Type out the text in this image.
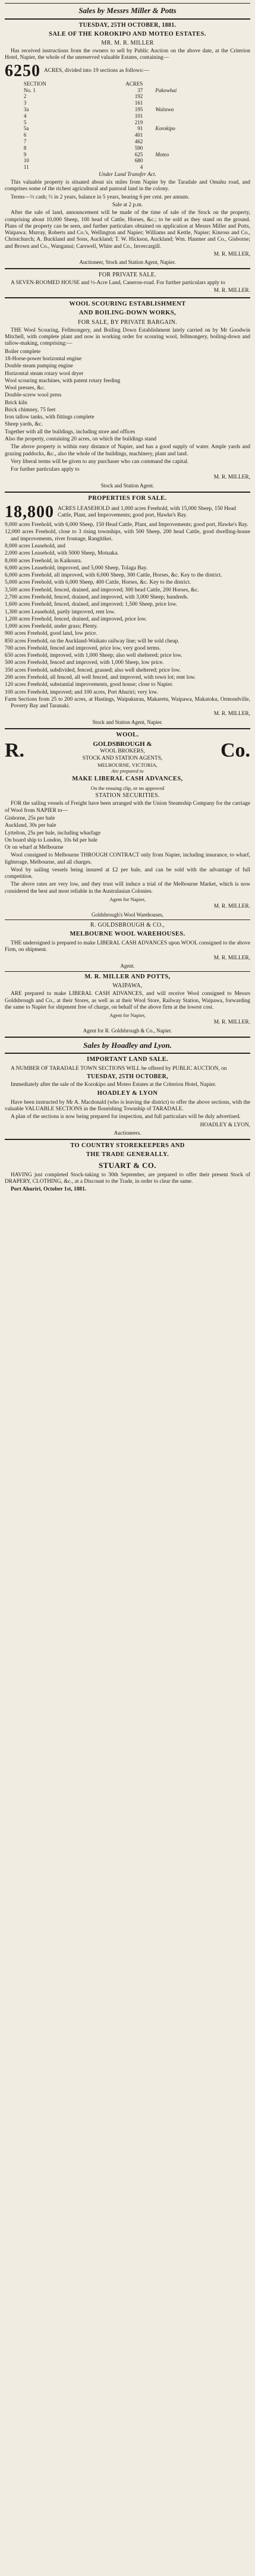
Sales by Messrs Miller & Potts
TUESDAY, 25TH OCTOBER, 1881.
SALE OF THE KOROKIPO AND MOTEO ESTATES.
MR. M. R. MILLER
Has received instructions from the owners to sell by Public Auction on the above date, at the Criterion Hotel, Napier, the whole of the unreserved valuable Estates, containing—
6250 ACRES, divided into 19 sections as follows:—
SECTION	ACRES	
No. 1	37	Pakowhai
2	192	
3	161	
3a	195	Waitawa
4	101	
5	219	
5a	91	Korokipo
6	401	
7	462	
8	590	
9	625	Moteo
10	680	
11	4	
Under Land Transfer Act.
This valuable property is situated about six miles from Napier by the Taradale and Omahu road, and comprises some of the richest agricultural and pastoral land in the colony.
Terms—⅓ cash; ⅓ in 2 years, balance in 5 years, bearing 6 per cent. per annum.
Sale at 2 p.m.
After the sale of land, announcement will be made of the time of sale of the Stock on the property, comprising about 10,000 Sheep, 100 head of Cattle, Horses, &c.; to be sold as they stand on the ground. Plans of the property can be seen, and further particulars obtained on application at Messrs Miller and Potts, Waipawa; Murray, Roberts and Co.'s, Wellington and Napier; Williams and Kettle, Napier; Kinross and Co., Christchurch; A. Buckland and Sons, Auckland; T. W. Hickson, Auckland; Wm. Hanmer and Co., Gisborne; and Brown and Co., Wanganui; Carswell, White and Co., Invercargill.
M. R. MILLER,
Auctioneer, Stock and Station Agent, Napier.
FOR PRIVATE SALE.
A SEVEN-ROOMED HOUSE and ½-Acre Land, Caneron-road. For further particulars apply to
M. R. MILLER.
WOOL SCOURING ESTABLISHMENT
AND BOILING-DOWN WORKS,
FOR SALE, BY PRIVATE BARGAIN.
THE Wool Scouring, Fellmongery, and Boiling Down Establishment lately carried on by Mr Goodwin Mitchell, with complete plant and now in working order for scouring wool, fellmongery, boiling-down and tallow-making, comprising:—
Boiler complete
18-Horse-power horizontal engine
Double steam pumping engine
Horizontal steam rotary wool dryer
Wool scouring machines, with patent rotary feeding
Wool presses, &c.
Double-screw wool press
Brick kiln
Brick chimney, 75 feet
Iron tallow tanks, with fittings complete
Sheep yards, &c.
Together with all the buildings, including store and offices
Also the property, containing 20 acres, on which the buildings stand
The above property is within easy distance of Napier, and has a good supply of water. Ample yards and grazing paddocks, &c., also the whole of the buildings, machinery, plant and land.
Very liberal terms will be given to any purchaser who can command the capital.
For further particulars apply to
M. R. MILLER,
Stock and Station Agent.
PROPERTIES FOR SALE.
18,800 ACRES LEASEHOLD and 1,000 acres Freehold, with 15,000 Sheep, 150 Head Cattle, Plant, and Improvements; good port, Hawke's Bay.
9,000 acres Freehold, with 6,000 Sheep, 150 Head Cattle, Plant, and Improvements; good port, Hawke's Bay.
12,000 acres Freehold, close to 3 rising townships, with 500 Sheep, 200 head Cattle, good dwelling-house and improvements, river frontage, Rangitikei.
8,000 acres Leasehold, and
2,000 acres Leasehold, with 5000 Sheep, Motuaka.
8,000 acres Freehold, in Kaikoura.
6,000 acres Leasehold, improved, and 5,000 Sheep, Tolaga Bay.
6,000 acres Freehold, all improved, with 6,000 Sheep, 300 Cattle, Horses, &c. Key to the district.
5,000 acres Freehold, with 6,000 Sheep, 400 Cattle, Horses, &c. Key to the district.
3,500 acres Freehold, fenced, drained, and improved; 300 head Cattle, 200 Horses, &c.
2,700 acres Freehold, fenced, drained, and improved, with 3,000 Sheep; hundreds.
1,600 acres Freehold, fenced, drained, and improved; 1,500 Sheep, price low.
1,300 acres Leasehold, partly improved, rent low.
1,200 acres Freehold, fenced, drained, and improved, price low.
1,000 acres Freehold, under grass; Plenty.
900 acres Freehold, good land, low price.
850 acres Freehold, on the Auckland-Waikato railway line; will be sold cheap.
700 acres Freehold, fenced and improved, price low, very good terms.
650 acres Freehold, improved, with 1,000 Sheep; also well sheltered; price low.
500 acres Freehold, fenced and improved, with 1,000 Sheep, low price.
350 acres Freehold, subdivided, fenced, grassed; also well sheltered; price low.
200 acres Freehold, all fenced, all well fenced, and improved, with town lot; rent low.
120 acres Freehold, substantial improvements, good house; close to Napier.
100 acres Freehold, improved; and 100 acres, Port Ahuriri; very low.
Farm Sections from 25 to 200 acres, at Hastings, Waipukurau, Makaretu, Waipawa, Makatoku, Ormondville, Poverty Bay and Taranaki.
M. R. MILLER,
Stock and Station Agent, Napier.
WOOL.
R.	Co.
GOLDSBROUGH &
WOOL BROKERS,
STOCK AND STATION AGENTS,
MELBOURNE, VICTORIA,
Are prepared to
MAKE LIBERAL CASH ADVANCES,
On the ensuing clip, or on approved
STATION SECURITIES.
FOR the sailing vessels of Freight have been arranged with the Union Steamship Company for the carriage of Wool from NAPIER to—
Gisborne, 25s per bale
Auckland, 30s per bale
Lyttelton, 25s per bale, including wharfage
On board ship to London, 10s 6d per bale
Or on wharf at Melbourne
Wool consigned to Melbourne THROUGH CONTRACT only from Napier, including insurance, to wharf, lighterage, Melbourne, and all charges.
Wool by sailing vessels being insured at £2 per bale, and can be sold with the advantage of full competition.
The above rates are very low, and they trust will induce a trial of the Melbourne Market, which is now considered the best and most reliable in the Australasian Colonies.
Agent for Napier,
M. R. MILLER.
Goldsbrough's Wool Warehouses,
R. GOLDSBROUGH & CO.,
MELBOURNE WOOL WAREHOUSES.
THE undersigned is prepared to make LIBERAL CASH ADVANCES upon WOOL consigned to the above Firm, on shipment.
M. R. MILLER,
Agent.
M. R. MILLER AND POTTS,
WAIPAWA,
ARE prepared to make LIBERAL CASH ADVANCES, and will receive Wool consigned to Messrs Goldsbrough and Co., at their Stores, as well as at their Wool Store, Railway Station, Waipawa, forwarding the same to Napier for shipment free of charge, on behalf of the above firm at the lowest cost.
Agent for Napier,
M. R. MILLER.
Agent for R. Goldsbrough & Co., Napier.
Sales by Hoadley and Lyon.
IMPORTANT LAND SALE.
A NUMBER OF TARADALE TOWN SECTIONS WILL be offered by PUBLIC AUCTION, on
TUESDAY, 25TH OCTOBER,
Immediately after the sale of the Korokipo and Moteo Estates at the Criterion Hotel, Napier.
HOADLEY & LYON
Have been instructed by Mr A. Macdonald (who is leaving the district) to offer the above sections, with the valuable VALUABLE SECTIONS in the flourishing Township of TARADALE.
A plan of the sections is now being prepared for inspection, and full particulars will be duly advertised.
HOADLEY & LYON,
Auctioneers.
TO COUNTRY STOREKEEPERS AND
THE TRADE GENERALLY.
STUART & CO.
HAVING just completed Stock-taking to 30th September, are prepared to offer their present Stock of DRAPERY, CLOTHING, &c., at a Discount to the Trade, in order to clear the same.
Port Ahuriri, October 1st, 1881.
